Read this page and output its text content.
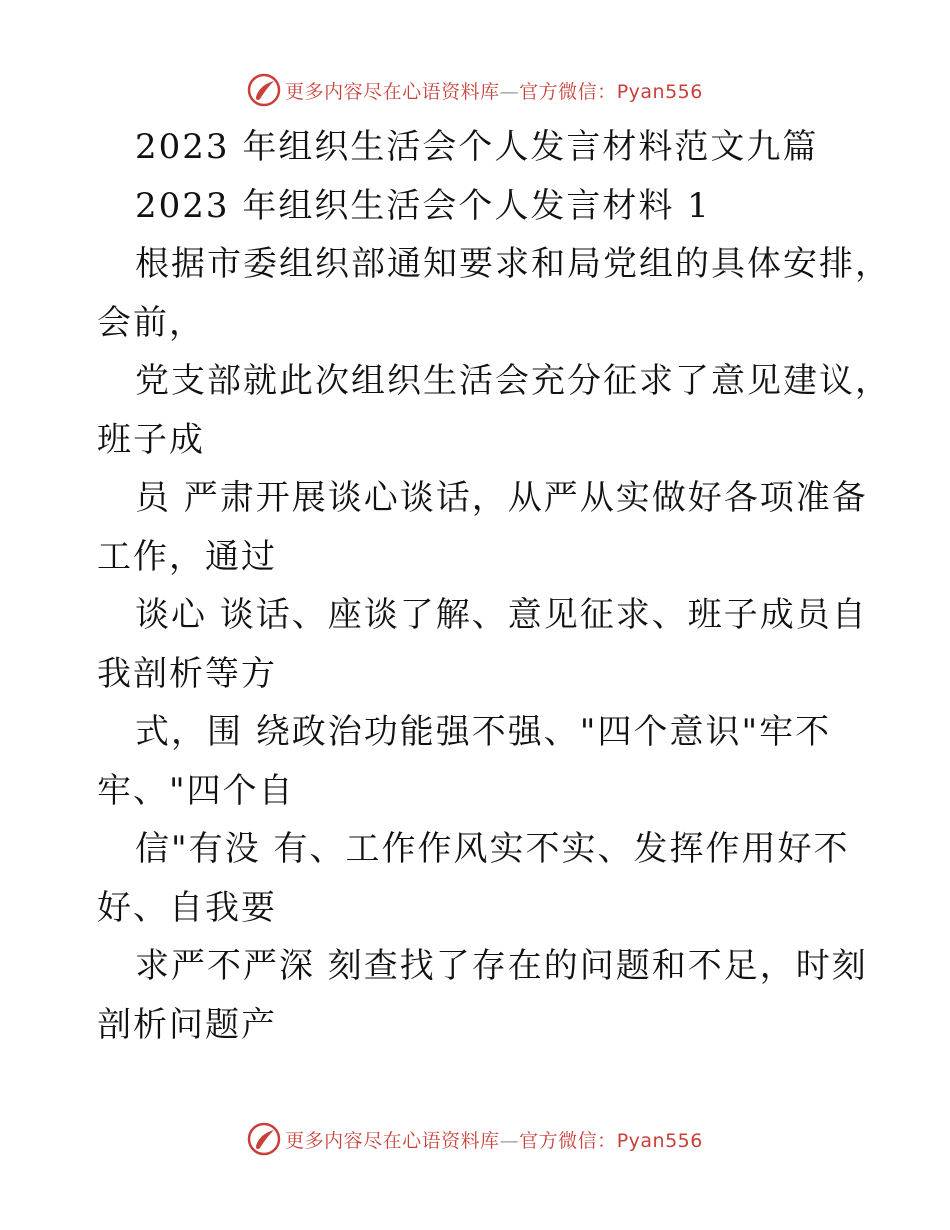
更多内容尽在心语资料库—官方微信：Pyan556
2023 年组织生活会个人发言材料范文九篇
2023 年组织生活会个人发言材料 1
根据市委组织部通知要求和局党组的具体安排，
会前，
党支部就此次组织生活会充分征求了意见建议，
班子成
员 严肃开展谈心谈话，从严从实做好各项准备
工作，通过
谈心 谈话、座谈了解、意见征求、班子成员自
我剖析等方
式，围 绕政治功能强不强、"四个意识"牢不
牢、"四个自
信"有没 有、工作作风实不实、发挥作用好不
好、自我要
求严不严深 刻查找了存在的问题和不足，时刻
剖析问题产
更多内容尽在心语资料库—官方微信：Pyan556
